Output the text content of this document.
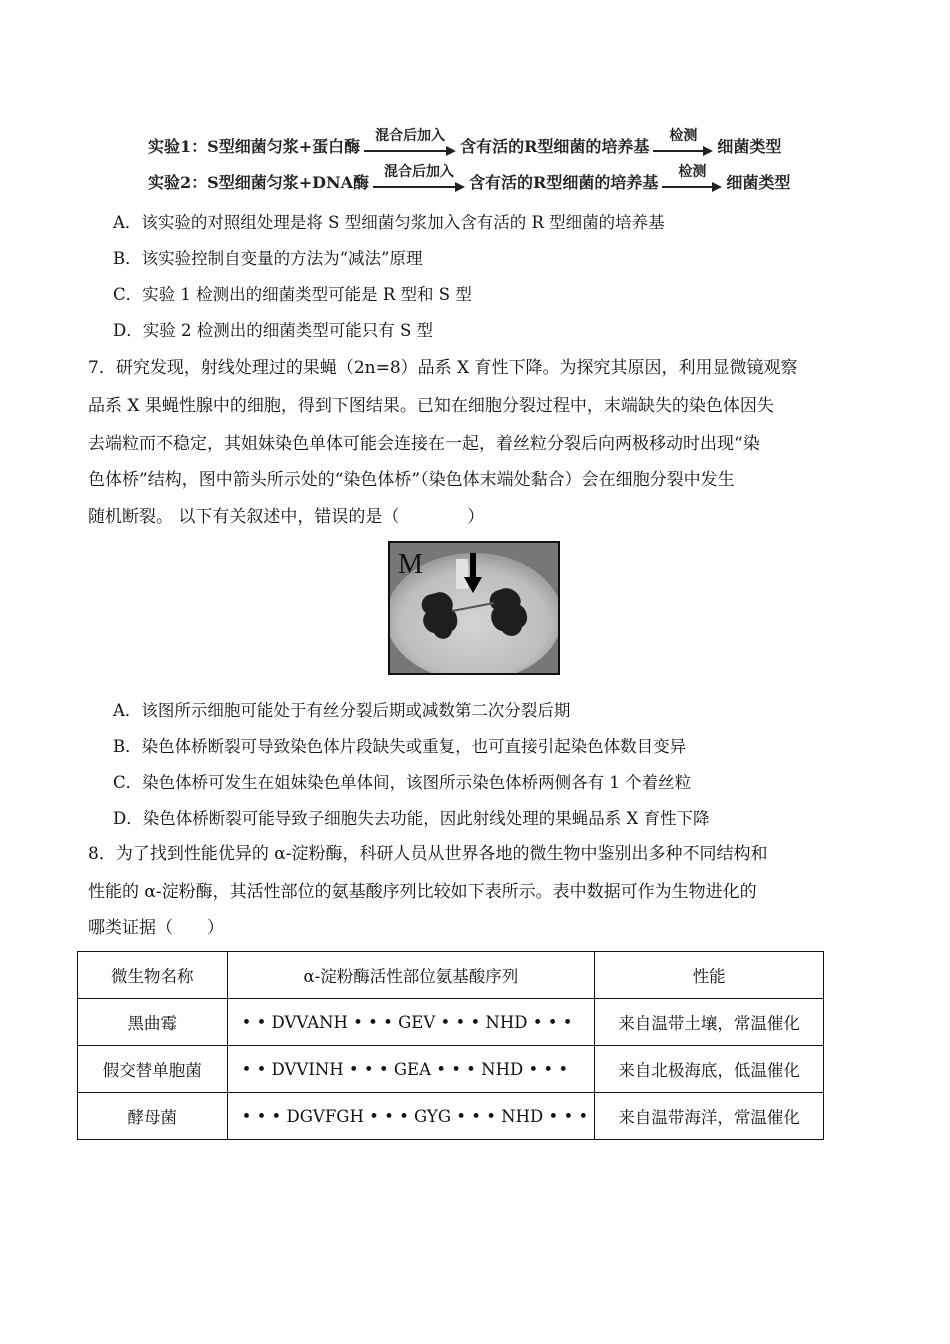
实验1：S型细菌匀浆+蛋白酶
混合后加入
含有活的R型细菌的培养基
检测
细菌类型
实验2：S型细菌匀浆+DNA酶
混合后加入
含有活的R型细菌的培养基
检测
细菌类型
A．该实验的对照组处理是将 S 型细菌匀浆加入含有活的 R 型细菌的培养基
B．该实验控制自变量的方法为“减法”原理
C．实验 1 检测出的细菌类型可能是 R 型和 S 型
D．实验 2 检测出的细菌类型可能只有 S 型
7．研究发现，射线处理过的果蝇（2n=8）品系 X 育性下降。为探究其原因，利用显微镜观察
品系 X 果蝇性腺中的细胞，得到下图结果。已知在细胞分裂过程中，末端缺失的染色体因失
去端粒而不稳定，其姐妹染色单体可能会连接在一起，着丝粒分裂后向两极移动时出现“染
色体桥”结构，图中箭头所示处的“染色体桥”（染色体末端处黏合）会在细胞分裂中发生
随机断裂。 以下有关叙述中，错误的是（　　　　）
M
A．该图所示细胞可能处于有丝分裂后期或减数第二次分裂后期
B．染色体桥断裂可导致染色体片段缺失或重复，也可直接引起染色体数目变异
C．染色体桥可发生在姐妹染色单体间，该图所示染色体桥两侧各有 1 个着丝粒
D．染色体桥断裂可能导致子细胞失去功能，因此射线处理的果蝇品系 X 育性下降
8．为了找到性能优异的 α-淀粉酶，科研人员从世界各地的微生物中鉴别出多种不同结构和
性能的 α-淀粉酶，其活性部位的氨基酸序列比较如下表所示。表中数据可作为生物进化的
哪类证据（　　）
微生物名称	α-淀粉酶活性部位氨基酸序列	性能
黑曲霉	• • DVVANH • • • GEV • • • NHD • • •	来自温带土壤，常温催化
假交替单胞菌	• • DVVINH • • • GEA • • • NHD • • •	来自北极海底，低温催化
酵母菌	• • • DGVFGH • • • GYG • • • NHD • • •	来自温带海洋，常温催化
